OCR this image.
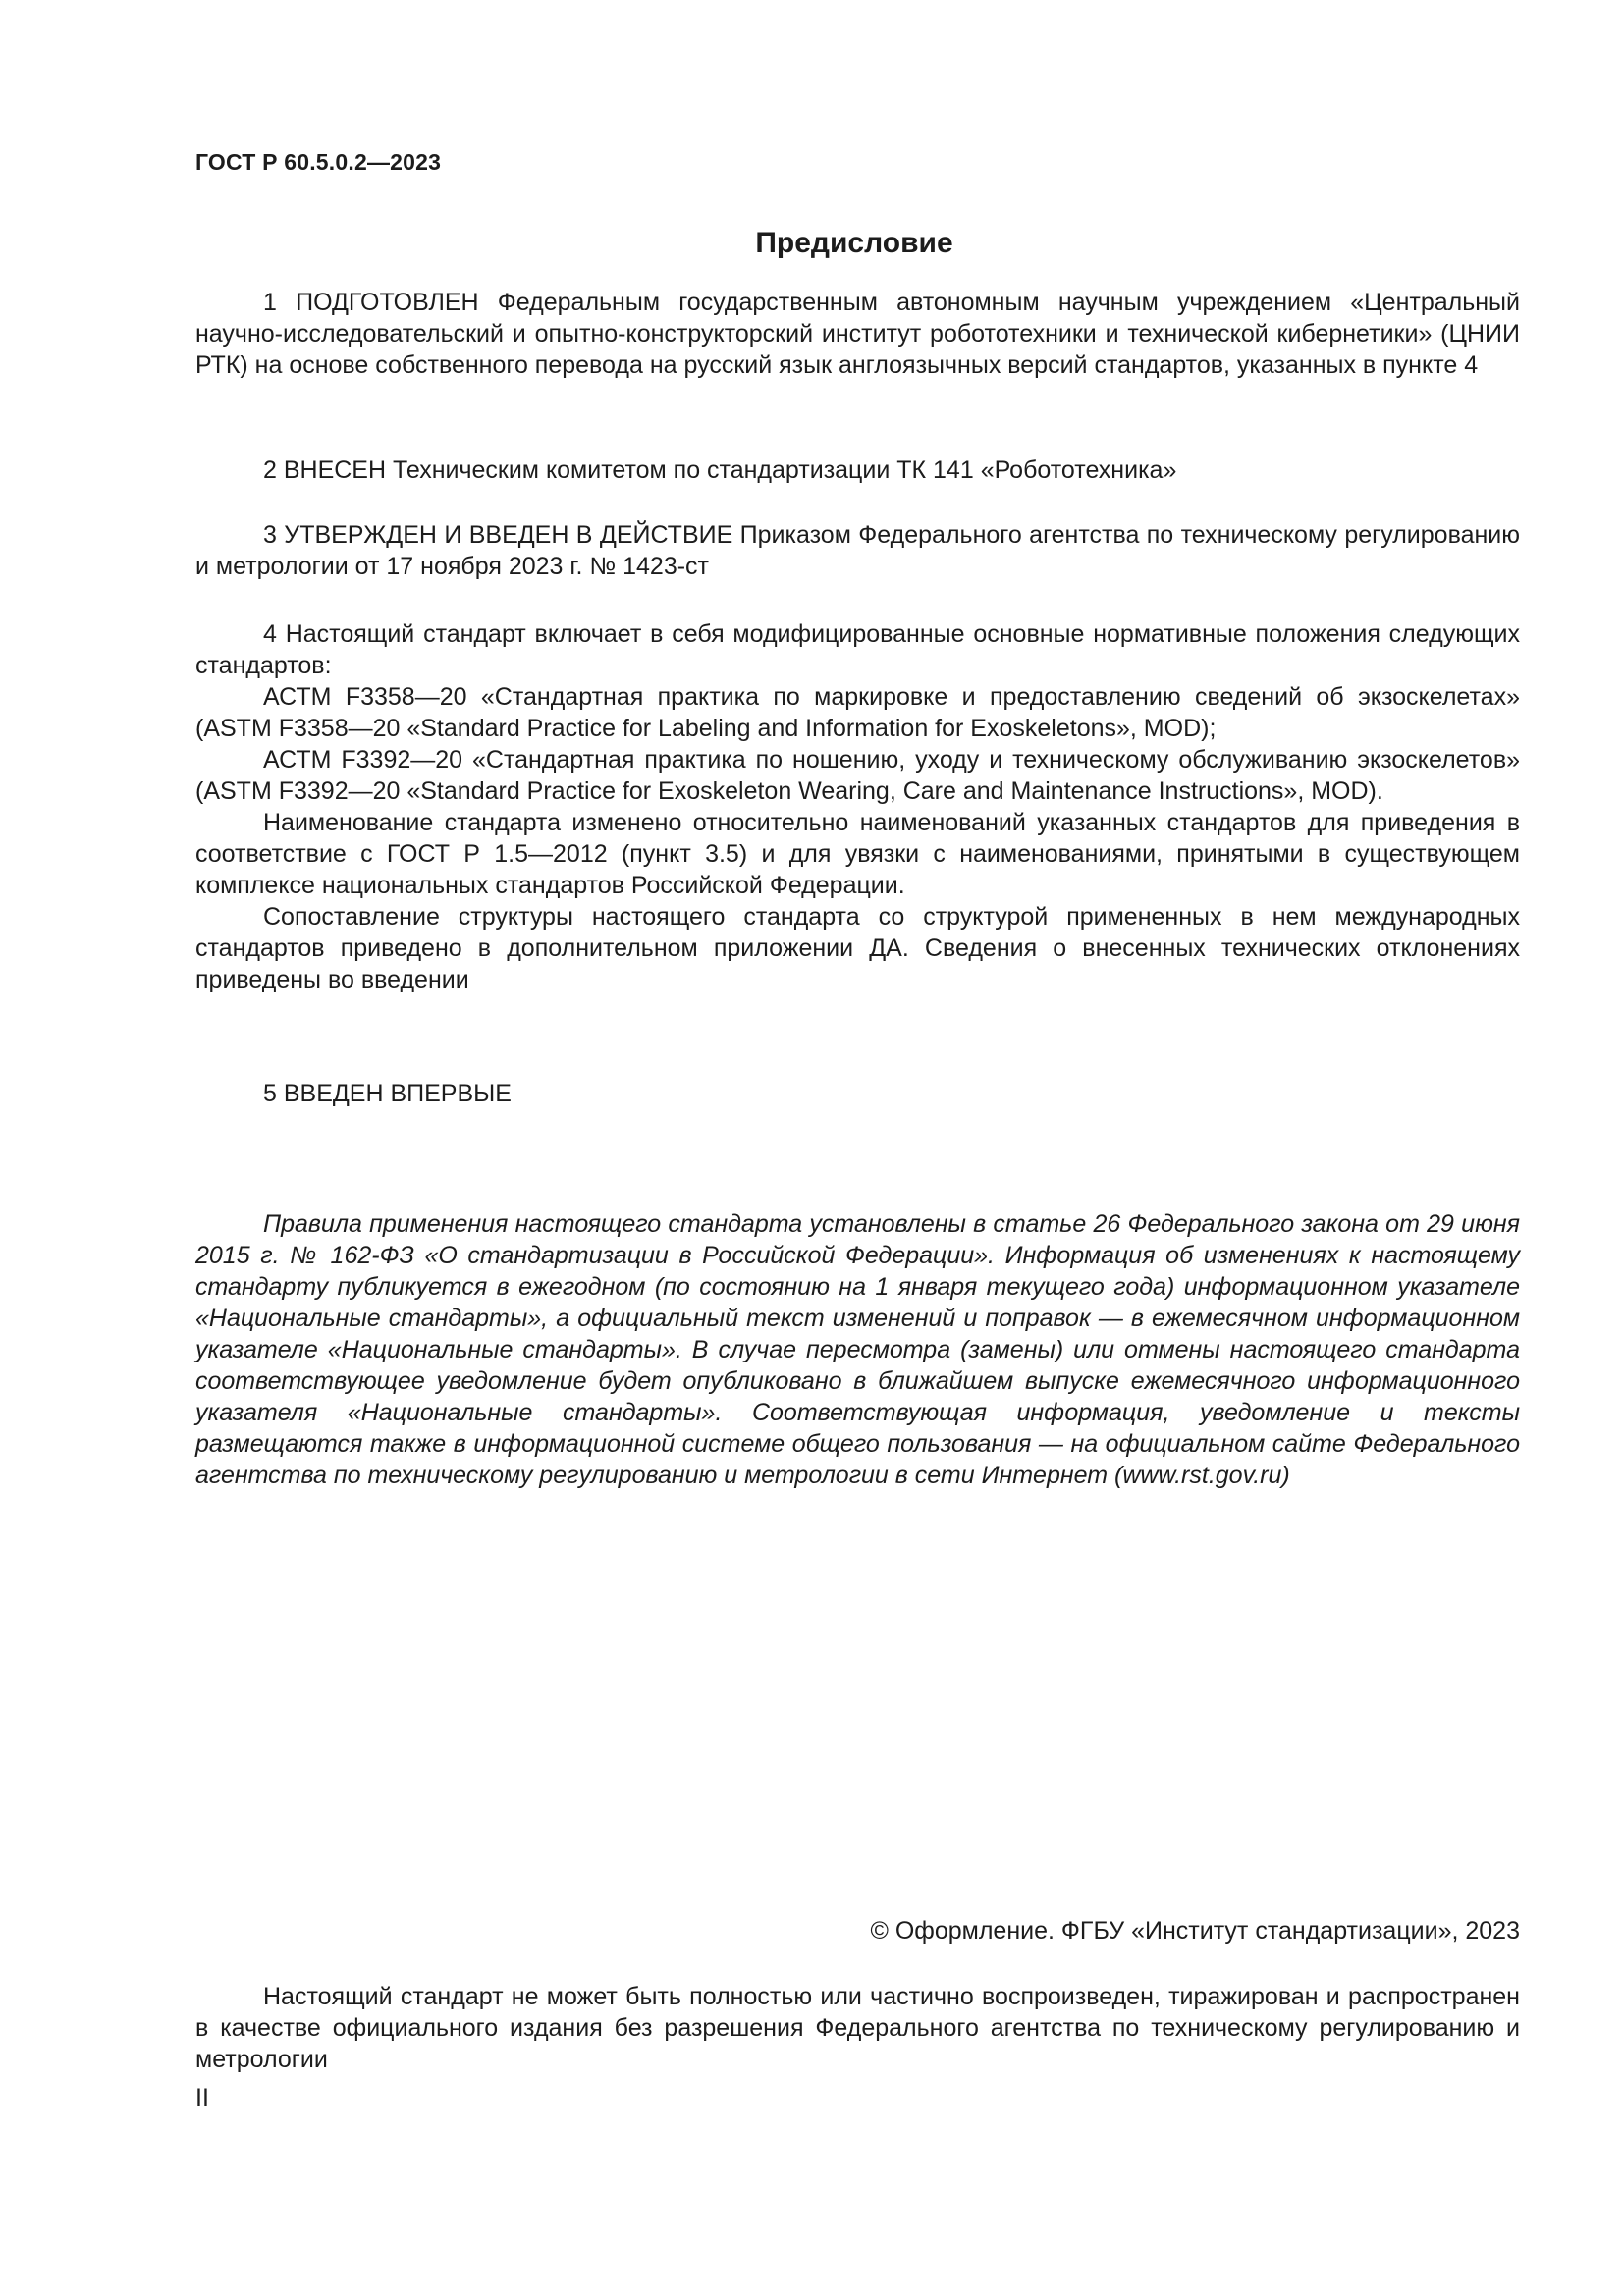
ГОСТ Р 60.5.0.2—2023
Предисловие

1 ПОДГОТОВЛЕН Федеральным государственным автономным научным учреждением «Центральный научно-исследовательский и опытно-конструкторский институт робототехники и технической кибернетики» (ЦНИИ РТК) на основе собственного перевода на русский язык англоязычных версий стандартов, указанных в пункте 4

2 ВНЕСЕН Техническим комитетом по стандартизации ТК 141 «Робототехника»

3 УТВЕРЖДЕН И ВВЕДЕН В ДЕЙСТВИЕ Приказом Федерального агентства по техническому регулированию и метрологии от 17 ноября 2023 г. № 1423-ст

4 Настоящий стандарт включает в себя модифицированные основные нормативные положения следующих стандартов:

АСТМ F3358—20 «Стандартная практика по маркировке и предоставлению сведений об экзоскелетах» (ASTM F3358—20 «Standard Practice for Labeling and Information for Exoskeletons», MOD);

АСТМ F3392—20 «Стандартная практика по ношению, уходу и техническому обслуживанию экзоскелетов» (ASTM F3392—20 «Standard Practice for Exoskeleton Wearing, Care and Maintenance Instructions», MOD).

Наименование стандарта изменено относительно наименований указанных стандартов для приведения в соответствие с ГОСТ Р 1.5—2012 (пункт 3.5) и для увязки с наименованиями, принятыми в существующем комплексе национальных стандартов Российской Федерации.

Сопоставление структуры настоящего стандарта со структурой примененных в нем международных стандартов приведено в дополнительном приложении ДА. Сведения о внесенных технических отклонениях приведены во введении

5 ВВЕДЕН ВПЕРВЫЕ

Правила применения настоящего стандарта установлены в статье 26 Федерального закона от 29 июня 2015 г. № 162-ФЗ «О стандартизации в Российской Федерации». Информация об изменениях к настоящему стандарту публикуется в ежегодном (по состоянию на 1 января текущего года) информационном указателе «Национальные стандарты», а официальный текст изменений и поправок — в ежемесячном информационном указателе «Национальные стандарты». В случае пересмотра (замены) или отмены настоящего стандарта соответствующее уведомление будет опубликовано в ближайшем выпуске ежемесячного информационного указателя «Национальные стандарты». Соответствующая информация, уведомление и тексты размещаются также в информационной системе общего пользования — на официальном сайте Федерального агентства по техническому регулированию и метрологии в сети Интернет (www.rst.gov.ru)

© Оформление. ФГБУ «Институт стандартизации», 2023

Настоящий стандарт не может быть полностью или частично воспроизведен, тиражирован и распространен в качестве официального издания без разрешения Федерального агентства по техническому регулированию и метрологии

II
